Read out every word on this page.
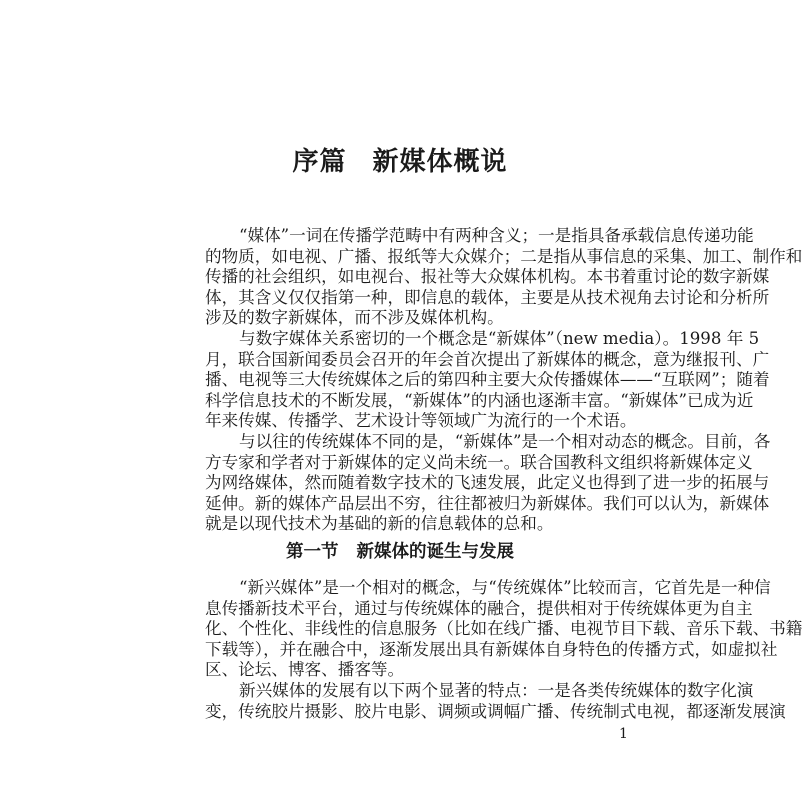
序篇 新媒体概说
“媒体”一词在传播学范畴中有两种含义；一是指具备承载信息传递功能
的物质，如电视、广播、报纸等大众媒介；二是指从事信息的采集、加工、制作和
传播的社会组织，如电视台、报社等大众媒体机构。本书着重讨论的数字新媒
体，其含义仅仅指第一种，即信息的载体，主要是从技术视角去讨论和分析所
涉及的数字新媒体，而不涉及媒体机构。
与数字媒体关系密切的一个概念是“新媒体”（new media）。1998 年 5
月，联合国新闻委员会召开的年会首次提出了新媒体的概念，意为继报刊、广
播、电视等三大传统媒体之后的第四种主要大众传播媒体——“互联网”；随着
科学信息技术的不断发展，“新媒体”的内涵也逐渐丰富。“新媒体”已成为近
年来传媒、传播学、艺术设计等领域广为流行的一个术语。
与以往的传统媒体不同的是，“新媒体”是一个相对动态的概念。目前，各
方专家和学者对于新媒体的定义尚未统一。联合国教科文组织将新媒体定义
为网络媒体，然而随着数字技术的飞速发展，此定义也得到了进一步的拓展与
延伸。新的媒体产品层出不穷，往往都被归为新媒体。我们可以认为，新媒体
就是以现代技术为基础的新的信息载体的总和。
第一节 新媒体的诞生与发展
“新兴媒体”是一个相对的概念，与“传统媒体”比较而言，它首先是一种信
息传播新技术平台，通过与传统媒体的融合，提供相对于传统媒体更为自主
化、个性化、非线性的信息服务（比如在线广播、电视节目下载、音乐下载、书籍
下载等），并在融合中，逐渐发展出具有新媒体自身特色的传播方式，如虚拟社
区、论坛、博客、播客等。
新兴媒体的发展有以下两个显著的特点：一是各类传统媒体的数字化演
变，传统胶片摄影、胶片电影、调频或调幅广播、传统制式电视，都逐渐发展演
1
